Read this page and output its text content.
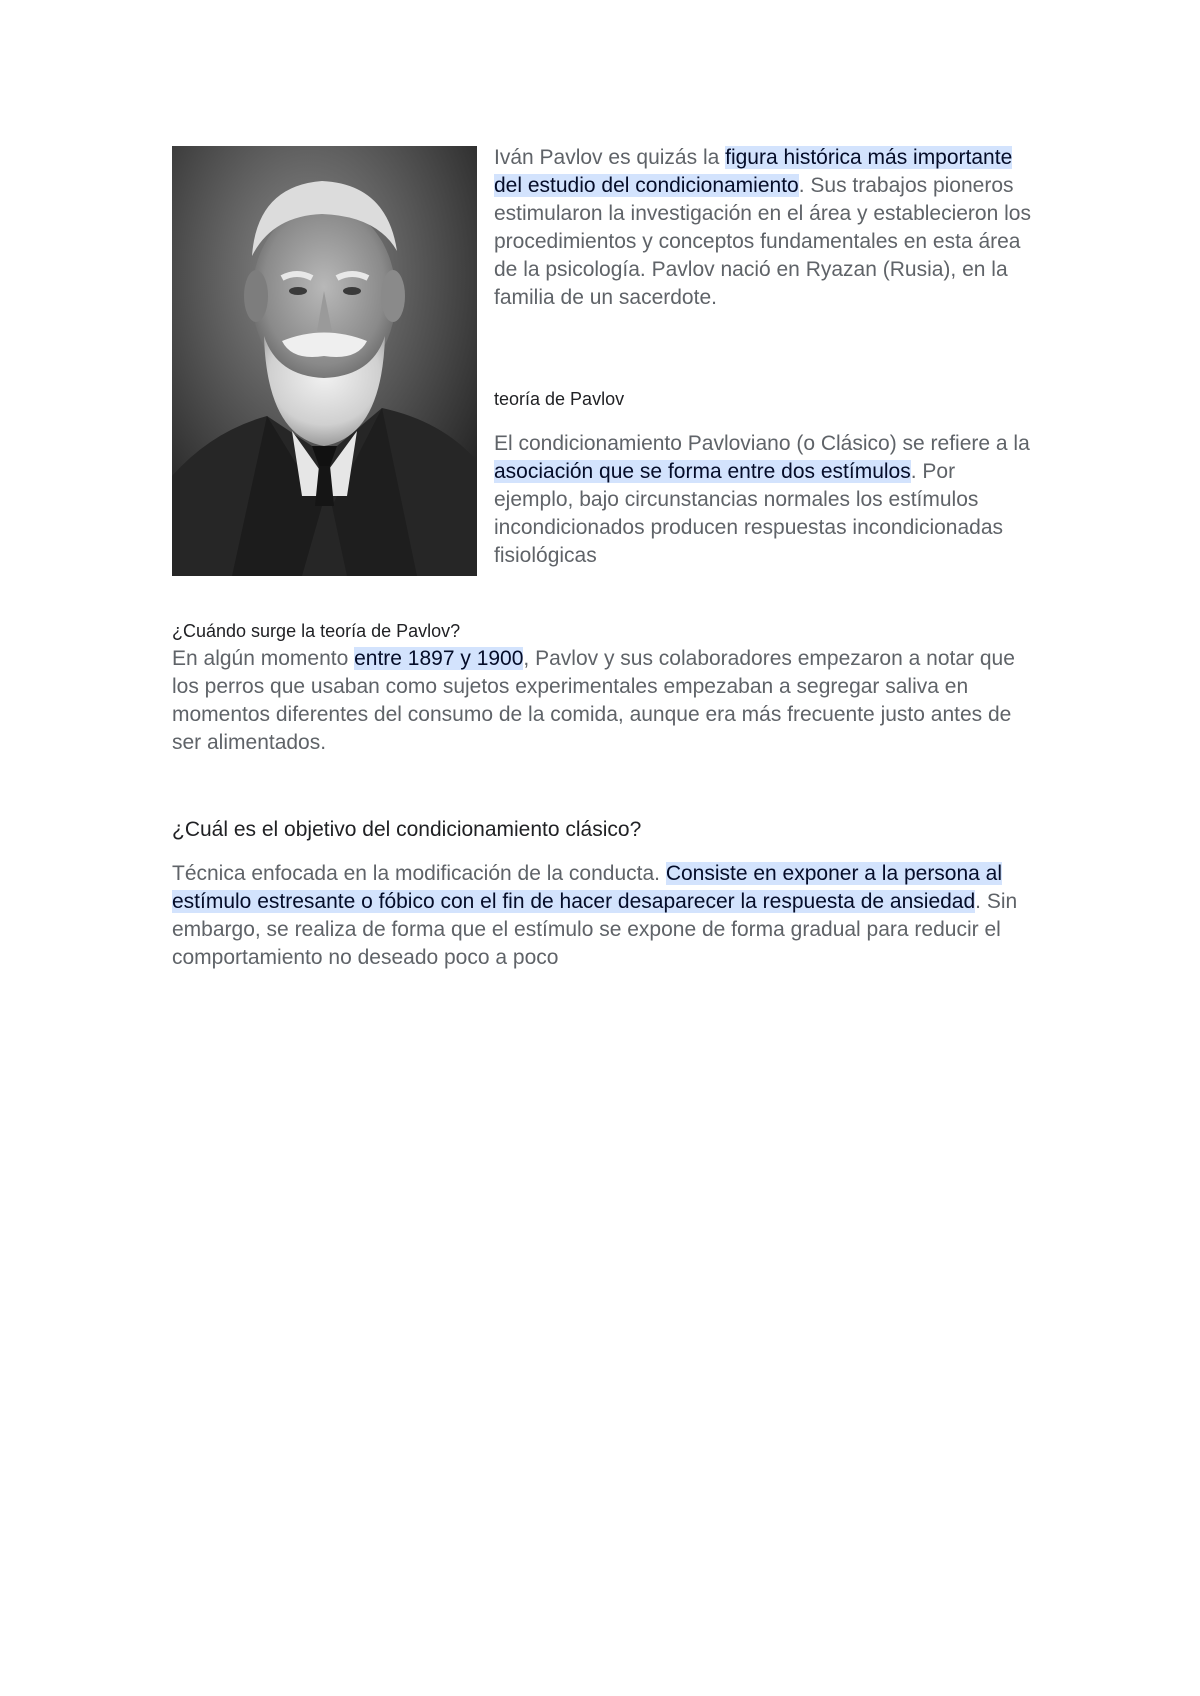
Iván Pavlov es quizás la figura histórica más importante del estudio del condicionamiento. Sus trabajos pioneros estimularon la investigación en el área y establecieron los procedimientos y conceptos fundamentales en esta área de la psicología. Pavlov nació en Ryazan (Rusia), en la familia de un sacerdote.

teoría de Pavlov

El condicionamiento Pavloviano (o Clásico) se refiere a la asociación que se forma entre dos estímulos. Por ejemplo, bajo circunstancias normales los estímulos incondicionados producen respuestas incondicionadas fisiológicas

¿Cuándo surge la teoría de Pavlov?

En algún momento entre 1897 y 1900, Pavlov y sus colaboradores empezaron a notar que los perros que usaban como sujetos experimentales empezaban a segregar saliva en momentos diferentes del consumo de la comida, aunque era más frecuente justo antes de ser alimentados.

¿Cuál es el objetivo del condicionamiento clásico?

Técnica enfocada en la modificación de la conducta. Consiste en exponer a la persona al estímulo estresante o fóbico con el fin de hacer desaparecer la respuesta de ansiedad. Sin embargo, se realiza de forma que el estímulo se expone de forma gradual para reducir el comportamiento no deseado poco a poco
